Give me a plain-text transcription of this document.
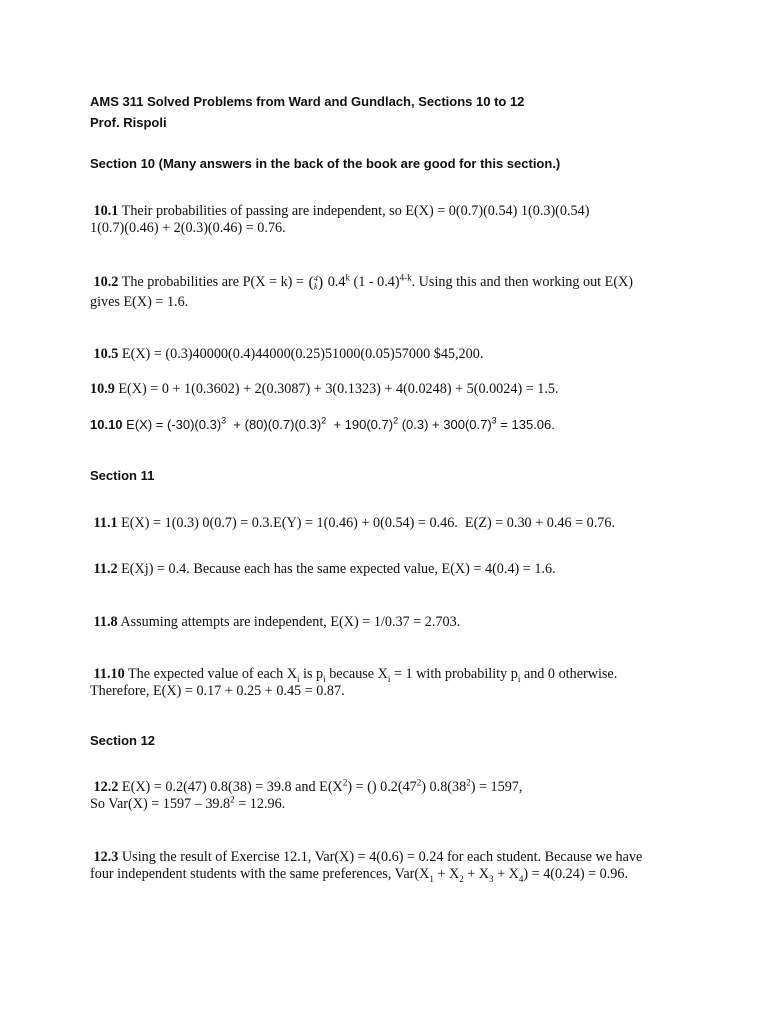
AMS 311 Solved Problems from Ward and Gundlach, Sections 10 to 12
Prof. Rispoli
Section 10 (Many answers in the back of the book are good for this section.)
10.1 Their probabilities of passing are independent, so E(X) = 0(0.7)(0.54) 1(0.3)(0.54)
1(0.7)(0.46) + 2(0.3)(0.46) = 0.76.
10.2 The probabilities are P(X = k) = (4
k) 0.4$^k$ (1 - 0.4)$^{4-k}$. Using this and then working out E(X)
gives E(X) = 1.6.
10.5 E(X) = (0.3)40000(0.4)44000(0.25)51000(0.05)57000 $45,200.
10.9 E(X) = 0 + 1(0.3602) + 2(0.3087) + 3(0.1323) + 4(0.0248) + 5(0.0024) = 1.5.
10.10 $E(X) = (-30)(0.3)^3 + (80)(0.7)(0.3)^2 + 190(0.7)^2$ $(0.3) + 300(0.7)^3 = 135.06$.
Section 11
11.1 E(X) = 1(0.3) 0(0.7) = 0.3.E(Y) = 1(0.46) + 0(0.54) = 0.46.  E(Z) = 0.30 + 0.46 = 0.76.
11.2 E(Xj) = 0.4. Because each has the same expected value, E(X) = 4(0.4) = 1.6.
11.8 Assuming attempts are independent, E(X) = 1/0.37 = 2.703.
11.10 The expected value of each $X_i$ is $p_i$ because $X_i = 1$ with probability $p_i$ and 0 otherwise.
Therefore, E(X) = 0.17 + 0.25 + 0.45 = 0.87.
Section 12
12.2 E(X) = 0.2(47) 0.8(38) = 39.8 and $E(X^2)$ = () $0.2(47^2) 0.8(38^2) = 1597$,
So $Var(X) = 1597 - 39.8^2 = 12.96$.
12.3 Using the result of Exercise 12.1, Var(X) = 4(0.6) = 0.24 for each student. Because we have
four independent students with the same preferences, $Var(X_1 + X_2 + X_3 + X_4) = 4(0.24) = 0.96$.
